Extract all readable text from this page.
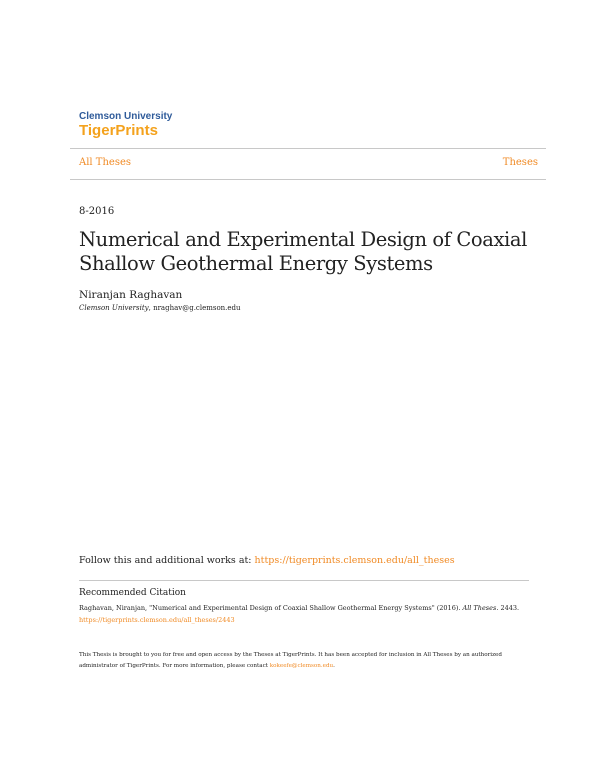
Clemson University
TigerPrints
All Theses	Theses
8-2016
Numerical and Experimental Design of Coaxial Shallow Geothermal Energy Systems
Niranjan Raghavan
Clemson University, nraghav@g.clemson.edu
Follow this and additional works at: https://tigerprints.clemson.edu/all_theses
Recommended Citation
Raghavan, Niranjan, "Numerical and Experimental Design of Coaxial Shallow Geothermal Energy Systems" (2016). All Theses. 2443.
https://tigerprints.clemson.edu/all_theses/2443
This Thesis is brought to you for free and open access by the Theses at TigerPrints. It has been accepted for inclusion in All Theses by an authorized administrator of TigerPrints. For more information, please contact kokeefe@clemson.edu.
